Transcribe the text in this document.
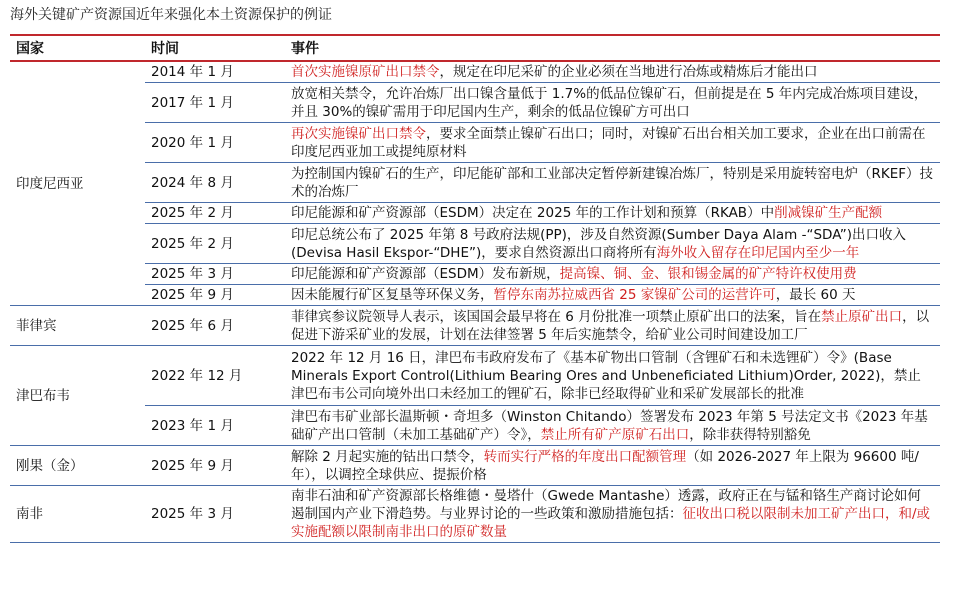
海外关键矿产资源国近年来强化本土资源保护的例证
国家	时间	事件
印度尼西亚	2014 年 1 月	首次实施镍原矿出口禁令，规定在印尼采矿的企业必须在当地进行冶炼或精炼后才能出口
	2017 年 1 月	放宽相关禁令，允许冶炼厂出口镍含量低于 1.7%的低品位镍矿石，但前提是在 5 年内完成冶炼项目建设，并且 30%的镍矿需用于印尼国内生产，剩余的低品位镍矿方可出口
	2020 年 1 月	再次实施镍矿出口禁令，要求全面禁止镍矿石出口；同时，对镍矿石出台相关加工要求，企业在出口前需在印度尼西亚加工或提纯原材料
	2024 年 8 月	为控制国内镍矿石的生产，印尼能矿部和工业部决定暂停新建镍冶炼厂，特别是采用旋转窑电炉（RKEF）技术的冶炼厂
	2025 年 2 月	印尼能源和矿产资源部（ESDM）决定在 2025 年的工作计划和预算（RKAB）中削减镍矿生产配额
	2025 年 2 月	印尼总统公布了 2025 年第 8 号政府法规(PP)，涉及自然资源(Sumber Daya Alam -“SDA”)出口收入(Devisa Hasil Ekspor-“DHE”)，要求自然资源出口商将所有海外收入留存在印尼国内至少一年
	2025 年 3 月	印尼能源和矿产资源部（ESDM）发布新规，提高镍、铜、金、银和锡金属的矿产特许权使用费
	2025 年 9 月	因未能履行矿区复垦等环保义务，暂停东南苏拉威西省 25 家镍矿公司的运营许可，最长 60 天
菲律宾	2025 年 6 月	菲律宾参议院领导人表示，该国国会最早将在 6 月份批准一项禁止原矿出口的法案，旨在禁止原矿出口，以促进下游采矿业的发展，计划在法律签署 5 年后实施禁令，给矿业公司时间建设加工厂
津巴布韦	2022 年 12 月	2022 年 12 月 16 日，津巴布韦政府发布了《基本矿物出口管制（含锂矿石和未选锂矿）令》(Base Minerals Export Control(Lithium Bearing Ores and Unbeneficiated Lithium)Order, 2022)，禁止津巴布韦公司向境外出口未经加工的锂矿石，除非已经取得矿业和采矿发展部长的批准
	2023 年 1 月	津巴布韦矿业部长温斯顿・奇坦多（Winston Chitando）签署发布 2023 年第 5 号法定文书《2023 年基础矿产出口管制（未加工基础矿产）令》，禁止所有矿产原矿石出口，除非获得特别豁免
刚果（金）	2025 年 9 月	解除 2 月起实施的钴出口禁令，转而实行严格的年度出口配额管理（如 2026-2027 年上限为 96600 吨/年），以调控全球供应、提振价格
南非	2025 年 3 月	南非石油和矿产资源部长格维德・曼塔什（Gwede Mantashe）透露，政府正在与锰和铬生产商讨论如何遏制国内产业下滑趋势。与业界讨论的一些政策和激励措施包括：征收出口税以限制未加工矿产出口，和/或实施配额以限制南非出口的原矿数量
